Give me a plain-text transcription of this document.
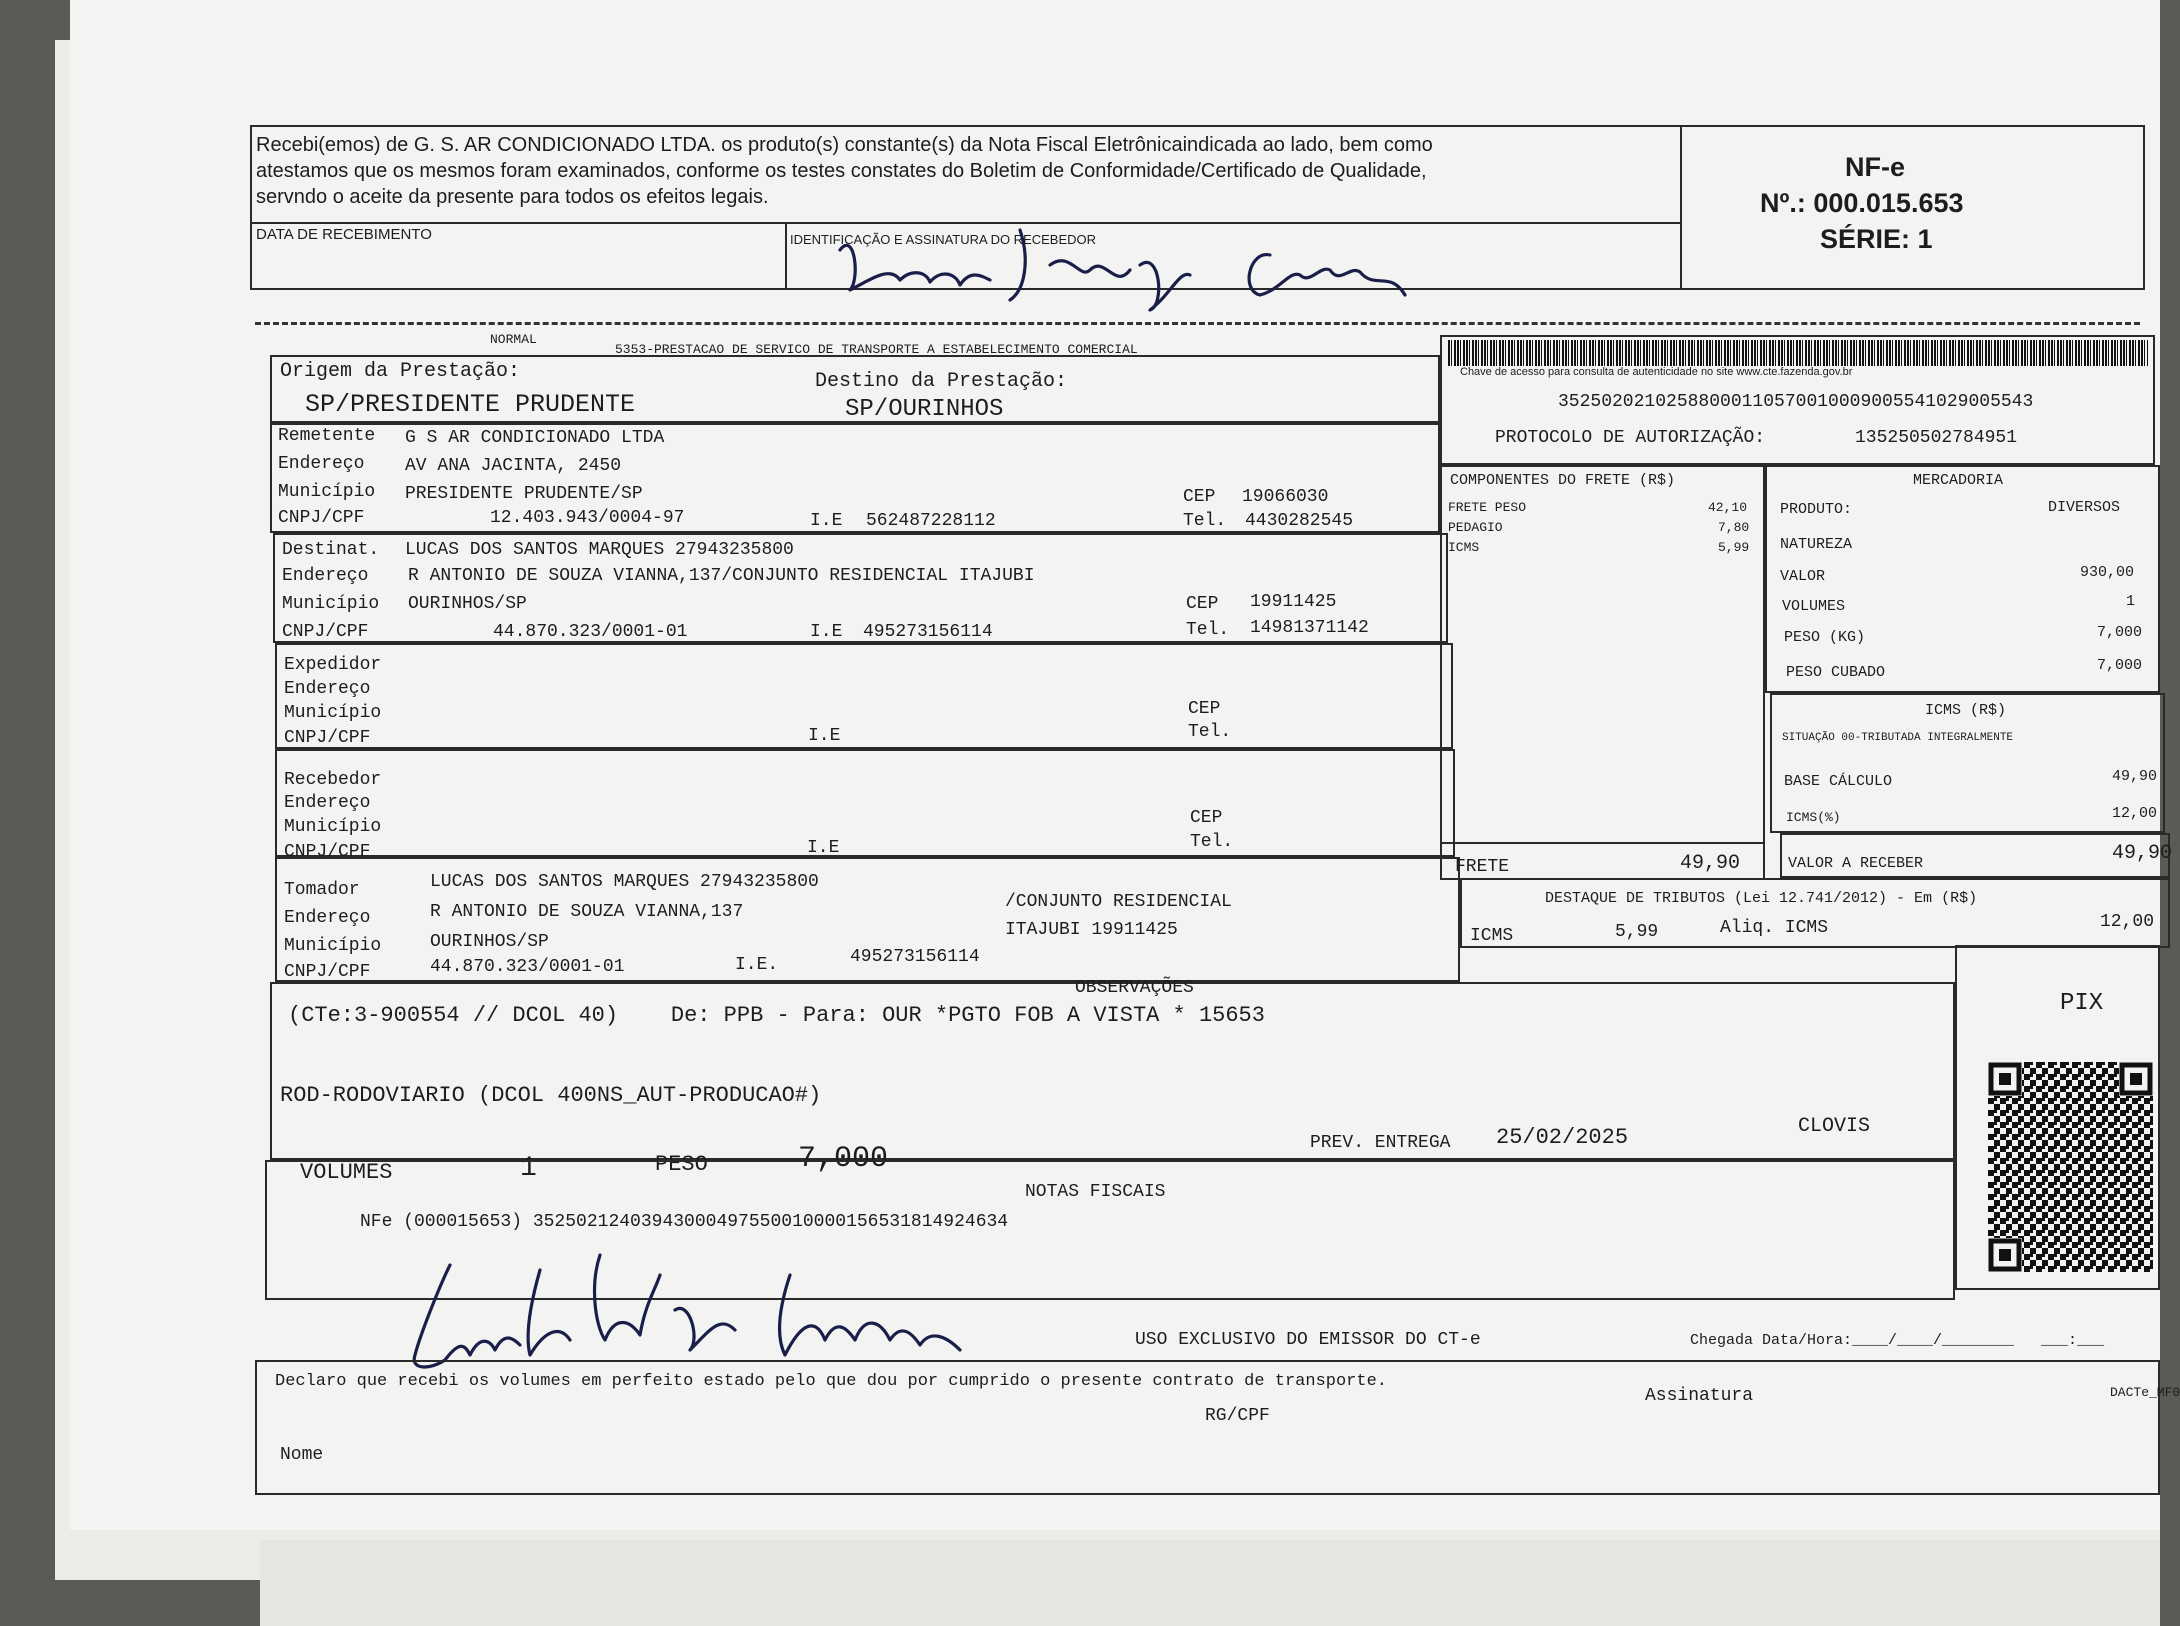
Recebi(emos) de G. S. AR CONDICIONADO LTDA. os produto(s) constante(s) da Nota Fiscal Eletrônicaindicada ao lado, bem como
atestamos que os mesmos foram examinados, conforme os testes constates do Boletim de Conformidade/Certificado de Qualidade,
servndo o aceite da presente para todos os efeitos legais.
DATA DE RECEBIMENTO	IDENTIFICAÇÃO E ASSINATURA DO RECEBEDOR
NF-e
Nº.: 000.015.653
SÉRIE: 1
NORMAL
5353-PRESTACAO DE SERVICO DE TRANSPORTE A ESTABELECIMENTO COMERCIAL
Origem da Prestação:
SP/PRESIDENTE PRUDENTE
Destino da Prestação:
SP/OURINHOS
Chave de acesso para consulta de autenticidade no site www.cte.fazenda.gov.br
35250202102588000110570010009005541029005543
PROTOCOLO DE AUTORIZAÇÃO:	135250502784951
Remetente G S AR CONDICIONADO LTDA
Endereço AV ANA JACINTA, 2450
Município PRESIDENTE PRUDENTE/SP	CEP 19066030
CNPJ/CPF	12.403.943/0004-97	I.E 562487228112	Tel. 4430282545
Destinat. LUCAS DOS SANTOS MARQUES 27943235800
Endereço R ANTONIO DE SOUZA VIANNA,137/CONJUNTO RESIDENCIAL ITAJUBI
Município OURINHOS/SP	CEP 19911425
CNPJ/CPF	44.870.323/0001-01	I.E 495273156114	Tel. 14981371142
Expedidor
Endereço
Município
CNPJ/CPF	I.E
CEP
Tel.
Recebedor
Endereço
Município
CNPJ/CPF	I.E
CEP
Tel.
Tomador	LUCAS DOS SANTOS MARQUES 27943235800
Endereço	R ANTONIO DE SOUZA VIANNA,137	/CONJUNTO RESIDENCIAL
ITAJUBI 19911425
Município	OURINHOS/SP
CNPJ/CPF	44.870.323/0001-01	I.E.	495273156114
COMPONENTES DO FRETE (R$)
FRETE PESO	42,10
PEDAGIO	7,80
ICMS	5,99
FRETE	49,90
MERCADORIA
PRODUTO:	DIVERSOS
NATUREZA
VALOR	930,00
VOLUMES	1
PESO (KG)	7,000
PESO CUBADO	7,000
ICMS (R$)
SITUAÇÃO 00-TRIBUTADA INTEGRALMENTE
BASE CÁLCULO	49,90
ICMS(%)	12,00
VALOR A RECEBER	49,90
DESTAQUE DE TRIBUTOS (Lei 12.741/2012) - Em (R$)
ICMS	5,99	Aliq. ICMS	12,00
OBSERVAÇÕES
(CTe:3-900554 // DCOL 40)    De: PPB - Para: OUR *PGTO FOB A VISTA * 15653
ROD-RODOVIARIO (DCOL 400NS_AUT-PRODUCAO#)
VOLUMES	1	PESO	7,000	PREV. ENTREGA 25/02/2025	CLOVIS
PIX
NOTAS FISCAIS
NFe (000015653) 35250212403943000497550010000156531814924634
USO EXCLUSIVO DO EMISSOR DO CT-e	Chegada Data/Hora:____/____/________   ___:___
Declaro que recebi os volumes em perfeito estado pelo que dou por cumprido o presente contrato de transporte.
Assinatura	DACTe_MF0
RG/CPF
Nome
